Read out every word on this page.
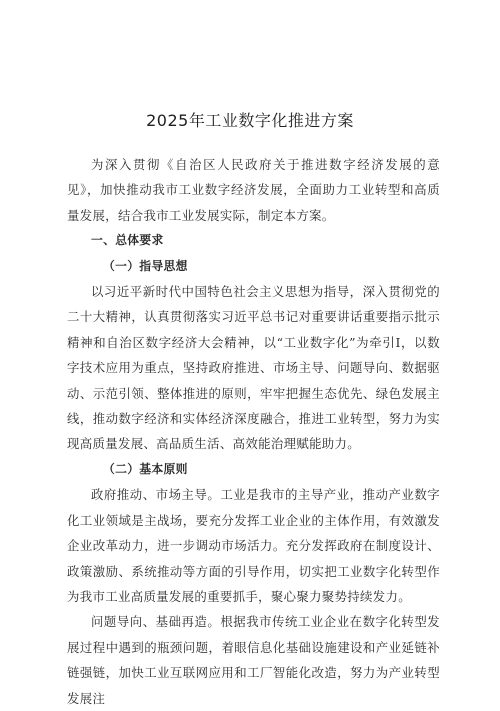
2025年工业数字化推进方案

为深入贯彻《自治区人民政府关于推进数字经济发展的意见》，加快推动我市工业数字经济发展，全面助力工业转型和高质量发展，结合我市工业发展实际，制定本方案。

一、总体要求

（一）指导思想

以习近平新时代中国特色社会主义思想为指导，深入贯彻党的二十大精神，认真贯彻落实习近平总书记对重要讲话重要指示批示精神和自治区数字经济大会精神，以“工业数字化”为牵引Ⅰ，以数字技术应用为重点，坚持政府推进、市场主导、问题导向、数据驱动、示范引领、整体推进的原则，牢牢把握生态优先、绿色发展主线，推动数字经济和实体经济深度融合，推进工业转型，努力为实现高质量发展、高品质生活、高效能治理赋能助力。

（二）基本原则

政府推动、市场主导。工业是我市的主导产业，推动产业数字化工业领域是主战场，要充分发挥工业企业的主体作用，有效激发企业改革动力，进一步调动市场活力。充分发挥政府在制度设计、政策激励、系统推动等方面的引导作用，切实把工业数字化转型作为我市工业高质量发展的重要抓手，聚心聚力聚势持续发力。

问题导向、基础再造。根据我市传统工业企业在数字化转型发展过程中遇到的瓶颈问题，着眼信息化基础设施建设和产业延链补链强链，加快工业互联网应用和工厂智能化改造，努力为产业转型发展注
